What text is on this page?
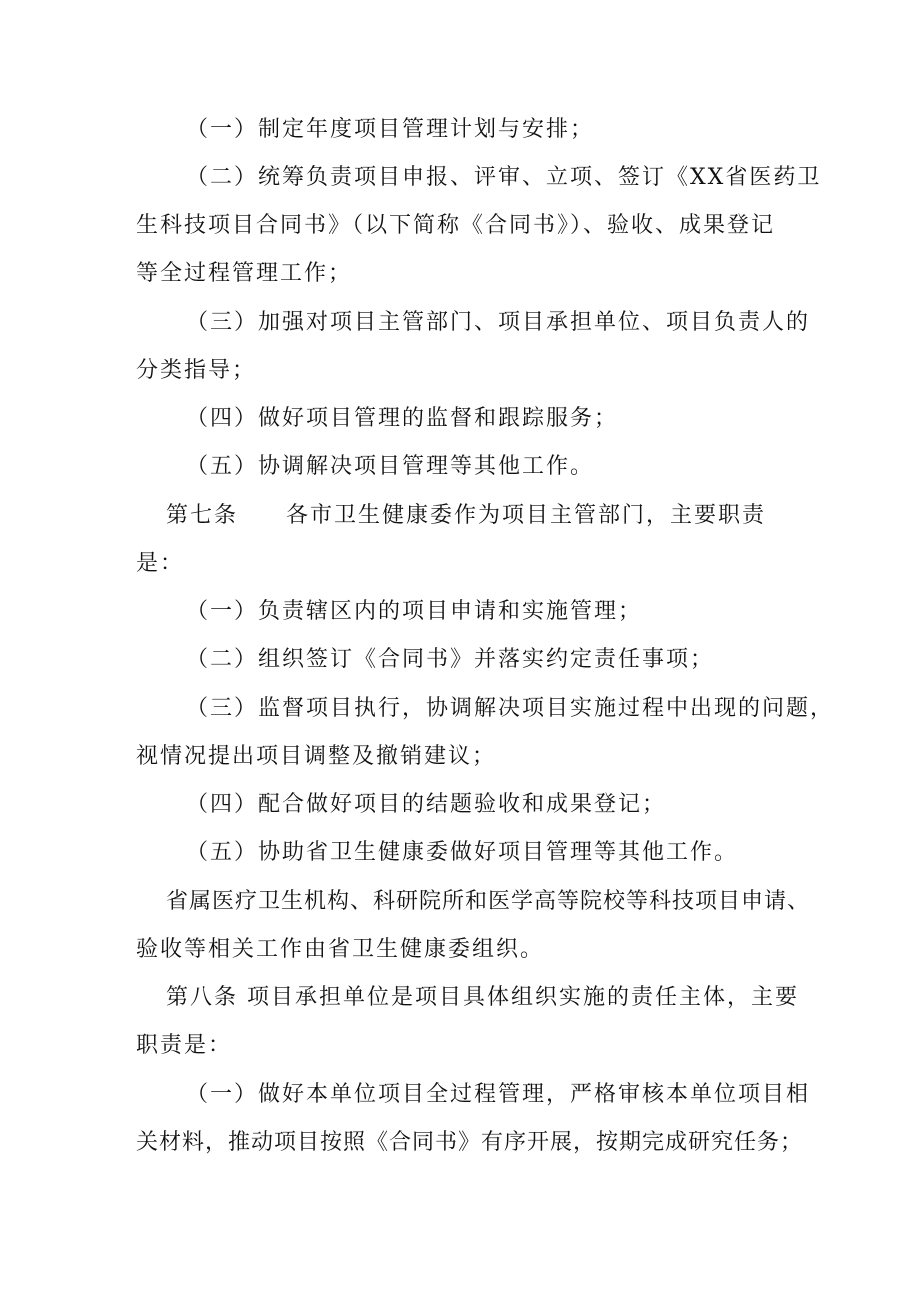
（一）制定年度项目管理计划与安排；
（二）统筹负责项目申报、评审、立项、签订《XX省医药卫
生科技项目合同书》（以下简称《合同书》）、验收、成果登记
等全过程管理工作；
（三）加强对项目主管部门、项目承担单位、项目负责人的
分类指导；
（四）做好项目管理的监督和跟踪服务；
（五）协调解决项目管理等其他工作。
第七条　　各市卫生健康委作为项目主管部门，主要职责
是：
（一）负责辖区内的项目申请和实施管理；
（二）组织签订《合同书》并落实约定责任事项；
（三）监督项目执行，协调解决项目实施过程中出现的问题，
视情况提出项目调整及撤销建议；
（四）配合做好项目的结题验收和成果登记；
（五）协助省卫生健康委做好项目管理等其他工作。
省属医疗卫生机构、科研院所和医学高等院校等科技项目申请、
验收等相关工作由省卫生健康委组织。
第八条 项目承担单位是项目具体组织实施的责任主体，主要
职责是：
（一）做好本单位项目全过程管理，严格审核本单位项目相
关材料，推动项目按照《合同书》有序开展，按期完成研究任务；
